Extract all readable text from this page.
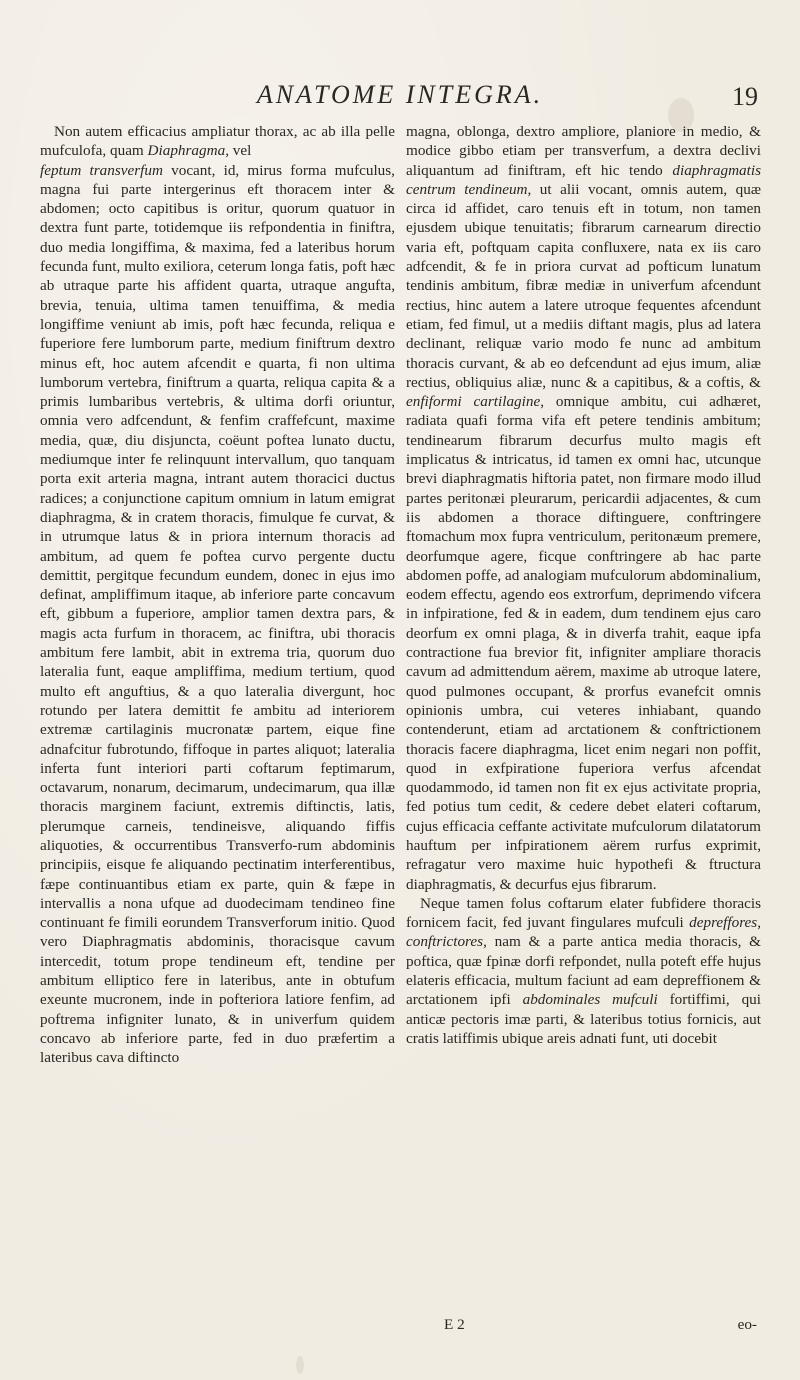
ANATOME INTEGRA.	19

Non autem efficacius ampliatur thorax, ac ab illa pelle mufculofa, quam Diaphragma, vel

feptum transverfum vocant, id, mirus forma mufculus, magna fui parte intergerinus eft thoracem inter & abdomen; octo capitibus is oritur, quorum quatuor in dextra funt parte, totidemque iis refpondentia in finiftra, duo media longiffima, & maxima, fed a lateribus horum fecunda funt, multo exiliora, ceterum longa fatis, poft hæc ab utraque parte his affident quarta, utraque angufta, brevia, tenuia, ultima tamen tenuiffima, & media longiffime veniunt ab imis, poft hæc fecunda, reliqua e fuperiore fere lumborum parte, medium finiftrum dextro minus eft, hoc autem afcendit e quarta, fi non ultima lumborum vertebra, finiftrum a quarta, reliqua capita & a primis lumbaribus vertebris, & ultima dorfi oriuntur, omnia vero adfcendunt, & fenfim craffefcunt, maxime media, quæ, diu disjuncta, coëunt poftea lunato ductu, mediumque inter fe relinquunt intervallum, quo tanquam porta exit arteria magna, intrant autem thoracici ductus radices; a conjunctione capitum omnium in latum emigrat diaphragma, & in cratem thoracis, fimulque fe curvat, & in utrumque latus & in priora internum thoracis ad ambitum, ad quem fe poftea curvo pergente ductu demittit, pergitque fecundum eundem, donec in ejus imo definat, ampliffimum itaque, ab inferiore parte concavum eft, gibbum a fuperiore, amplior tamen dextra pars, & magis acta furfum in thoracem, ac finiftra, ubi thoracis ambitum fere lambit, abit in extrema tria, quorum duo lateralia funt, eaque ampliffima, medium tertium, quod multo eft anguftius, & a quo lateralia divergunt, hoc rotundo per latera demittit fe ambitu ad interiorem extremæ cartilaginis mucronatæ partem, eique fine adnafcitur fubrotundo, fiffoque in partes aliquot; lateralia inferta funt interiori parti coftarum feptimarum, octavarum, nonarum, decimarum, undecimarum, qua illæ thoracis marginem faciunt, extremis diftinctis, latis, plerumque carneis, tendineisve, aliquando fiffis aliquoties, & occurrentibus Transverfo-rum abdominis principiis, eisque fe aliquando pectinatim interferentibus, fæpe continuantibus etiam ex parte, quin & fæpe in intervallis a nona ufque ad duodecimam tendineo fine continuant fe fimili eorundem Transverforum initio. Quod vero Diaphragmatis abdominis, thoracisque cavum intercedit, totum prope tendineum eft, tendine per ambitum elliptico fere in lateribus, ante in obtufum exeunte mucronem, inde in pofteriora latiore fenfim, ad poftrema infigniter lunato, & in univerfum quidem concavo ab inferiore parte, fed in duo præfertim a lateribus cava diftincto

magna, oblonga, dextro ampliore, planiore in medio, & modice gibbo etiam per transverfum, a dextra declivi aliquantum ad finiftram, eft hic tendo diaphragmatis centrum tendineum, ut alii vocant, omnis autem, quæ circa id affidet, caro tenuis eft in totum, non tamen ejusdem ubique tenuitatis; fibrarum carnearum directio varia eft, poftquam capita confluxere, nata ex iis caro adfcendit, & fe in priora curvat ad pofticum lunatum tendinis ambitum, fibræ mediæ in univerfum afcendunt rectius, hinc autem a latere utroque fequentes afcendunt etiam, fed fimul, ut a mediis diftant magis, plus ad latera declinant, reliquæ vario modo fe nunc ad ambitum thoracis curvant, & ab eo defcendunt ad ejus imum, aliæ rectius, obliquius aliæ, nunc & a capitibus, & a coftis, & enfiformi cartilagine, omnique ambitu, cui adhæret, radiata quafi forma vifa eft petere tendinis ambitum; tendinearum fibrarum decurfus multo magis eft implicatus & intricatus, id tamen ex omni hac, utcunque brevi diaphragmatis hiftoria patet, non firmare modo illud partes peritonæi pleurarum, pericardii adjacentes, & cum iis abdomen a thorace diftinguere, conftringere ftomachum mox fupra ventriculum, peritonæum premere, deorfumque agere, ficque conftringere ab hac parte abdomen poffe, ad analogiam mufculorum abdominalium, eodem effectu, agendo eos extrorfum, deprimendo vifcera in infpiratione, fed & in eadem, dum tendinem ejus caro deorfum ex omni plaga, & in diverfa trahit, eaque ipfa contractione fua brevior fit, infigniter ampliare thoracis cavum ad admittendum aërem, maxime ab utroque latere, quod pulmones occupant, & prorfus evanefcit omnis opinionis umbra, cui veteres inhiabant, quando contenderunt, etiam ad arctationem & conftrictionem thoracis facere diaphragma, licet enim negari non poffit, quod in exfpiratione fuperiora verfus afcendat quodammodo, id tamen non fit ex ejus activitate propria, fed potius tum cedit, & cedere debet elateri coftarum, cujus efficacia ceffante activitate mufculorum dilatatorum hauftum per infpirationem aërem rurfus exprimit, refragatur vero maxime huic hypothefi & ftructura diaphragmatis, & decurfus ejus fibrarum.

Neque tamen folus coftarum elater fubfidere thoracis fornicem facit, fed juvant fingulares mufculi depreffores, conftrictores, nam & a parte antica media thoracis, & poftica, quæ fpinæ dorfi refpondet, nulla poteft effe hujus elateris efficacia, multum faciunt ad eam depreffionem & arctationem ipfi abdominales mufculi fortiffimi, qui anticæ pectoris imæ parti, & lateribus totius fornicis, aut cratis latiffimis ubique areis adnati funt, uti docebit

E 2	eo-
